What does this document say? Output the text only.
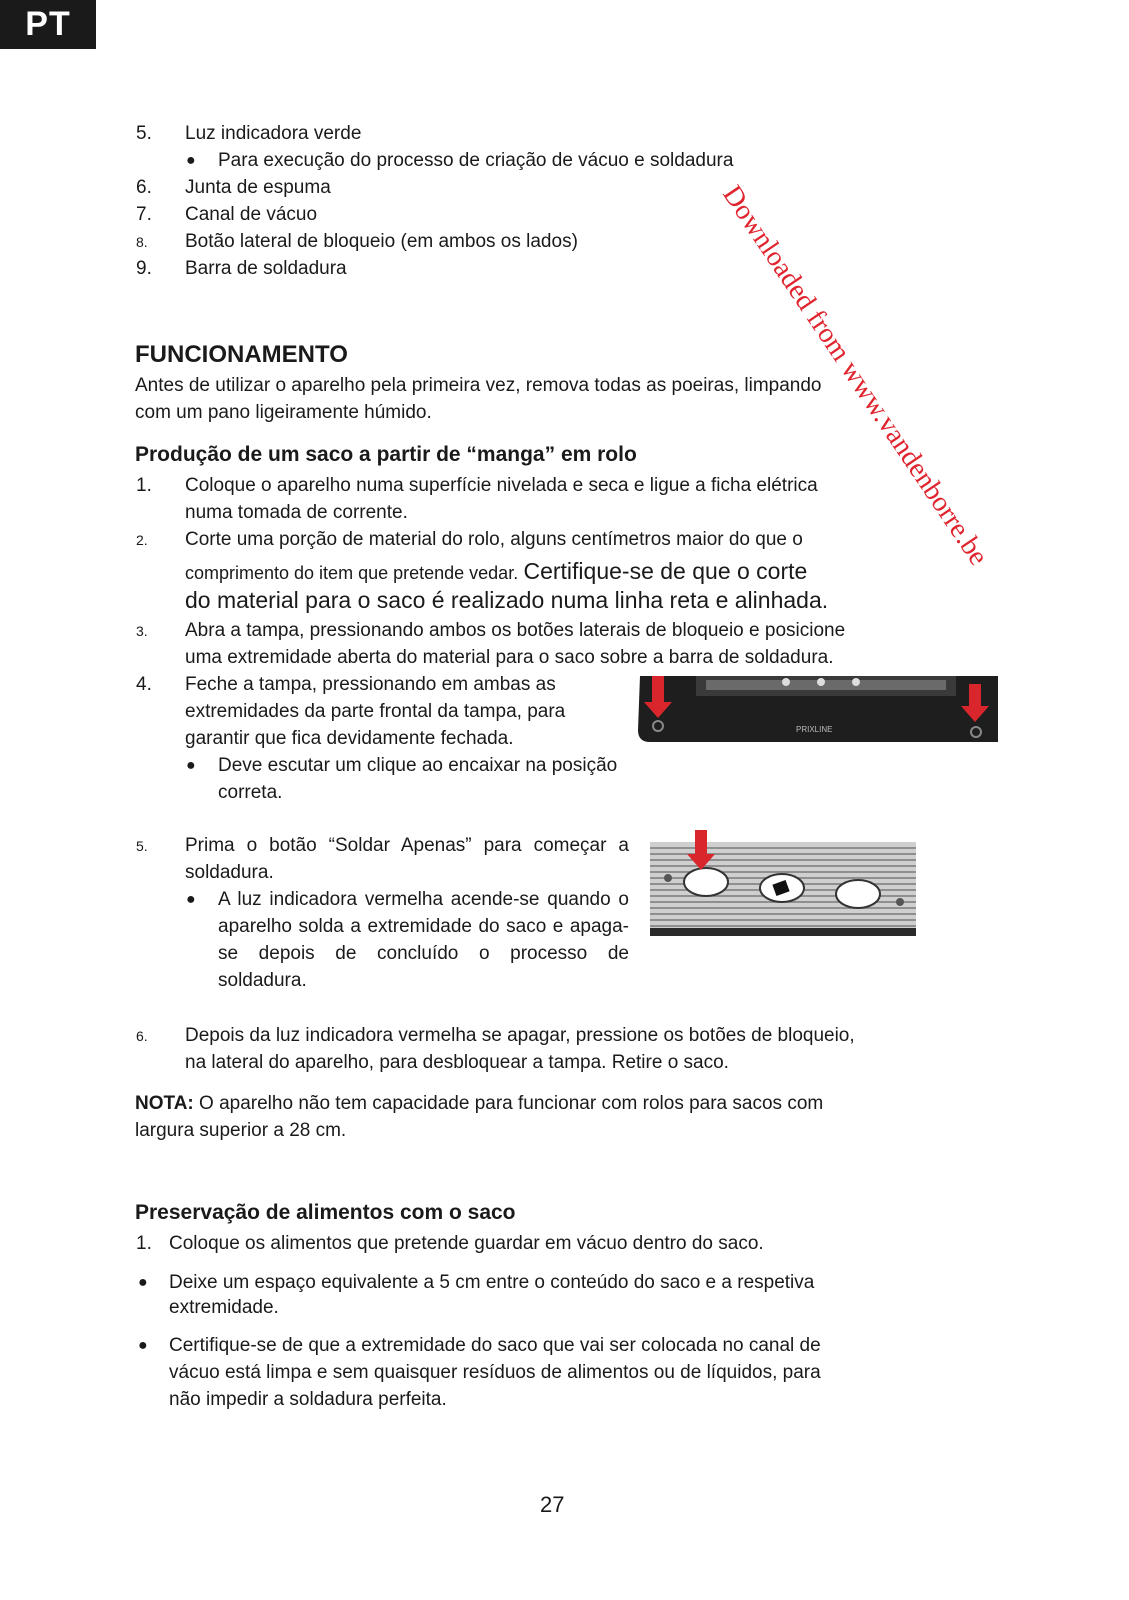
PT
Downloaded from www.vandenborre.be
5. Luz indicadora verde
● Para execução do processo de criação de vácuo e soldadura
6. Junta de espuma
7. Canal de vácuo
8. Botão lateral de bloqueio (em ambos os lados)
9. Barra de soldadura
FUNCIONAMENTO
Antes de utilizar o aparelho pela primeira vez, remova todas as poeiras, limpando
com um pano ligeiramente húmido.
Produção de um saco a partir de “manga” em rolo
1. Coloque o aparelho numa superfície nivelada e seca e ligue a ficha elétrica
numa tomada de corrente.
2. Corte uma porção de material do rolo, alguns centímetros maior do que o
comprimento do item que pretende vedar. Certifique-se de que o corte
do material para o saco é realizado numa linha reta e alinhada.
3. Abra a tampa, pressionando ambos os botões laterais de bloqueio e posicione
uma extremidade aberta do material para o saco sobre a barra de soldadura.
4. Feche a tampa, pressionando em ambas as
extremidades da parte frontal da tampa, para
garantir que fica devidamente fechada.
● Deve escutar um clique ao encaixar na posição
correta.
PRIXLINE
5. Prima o botão “Soldar Apenas” para começar a soldadura.
● A luz indicadora vermelha acende-se quando o aparelho solda a extremidade do saco e apaga-se depois de concluído o processo de soldadura.
6. Depois da luz indicadora vermelha se apagar, pressione os botões de bloqueio,
na lateral do aparelho, para desbloquear a tampa. Retire o saco.
NOTA: O aparelho não tem capacidade para funcionar com rolos para sacos com
largura superior a 28 cm.
Preservação de alimentos com o saco
1. Coloque os alimentos que pretende guardar em vácuo dentro do saco.
● Deixe um espaço equivalente a 5 cm entre o conteúdo do saco e a respetiva
extremidade.
● Certifique-se de que a extremidade do saco que vai ser colocada no canal de
vácuo está limpa e sem quaisquer resíduos de alimentos ou de líquidos, para
não impedir a soldadura perfeita.
27
